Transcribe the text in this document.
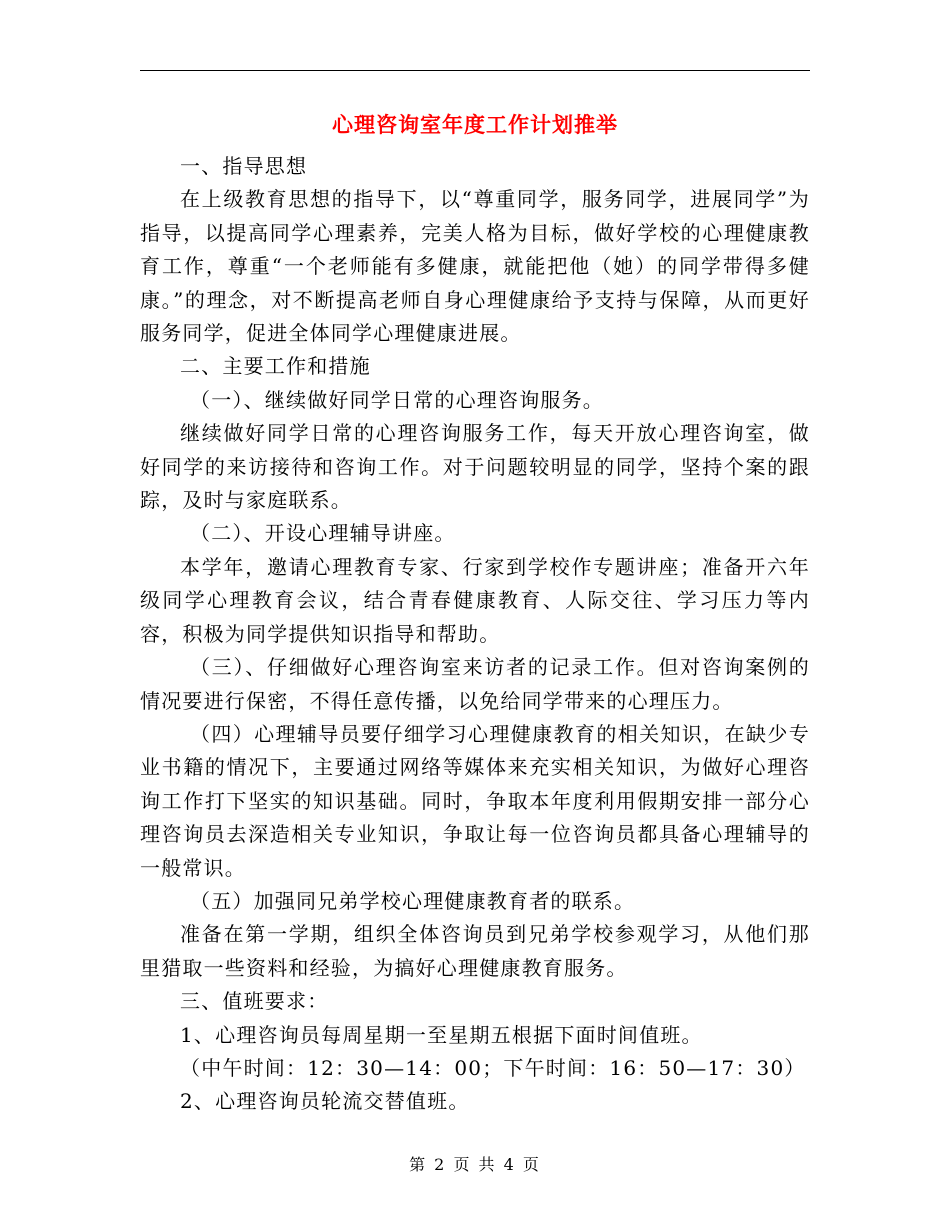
心理咨询室年度工作计划推举

一、指导思想

在上级教育思想的指导下，以“尊重同学，服务同学，进展同学”为指导，以提高同学心理素养，完美人格为目标，做好学校的心理健康教育工作，尊重“一个老师能有多健康，就能把他（她）的同学带得多健康。”的理念，对不断提高老师自身心理健康给予支持与保障，从而更好服务同学，促进全体同学心理健康进展。

二、主要工作和措施

（一）、继续做好同学日常的心理咨询服务。

继续做好同学日常的心理咨询服务工作，每天开放心理咨询室，做好同学的来访接待和咨询工作。对于问题较明显的同学，坚持个案的跟踪，及时与家庭联系。

（二）、开设心理辅导讲座。

本学年，邀请心理教育专家、行家到学校作专题讲座；准备开六年级同学心理教育会议，结合青春健康教育、人际交往、学习压力等内容，积极为同学提供知识指导和帮助。

（三）、仔细做好心理咨询室来访者的记录工作。但对咨询案例的情况要进行保密，不得任意传播，以免给同学带来的心理压力。

（四）心理辅导员要仔细学习心理健康教育的相关知识，在缺少专业书籍的情况下，主要通过网络等媒体来充实相关知识，为做好心理咨询工作打下坚实的知识基础。同时，争取本年度利用假期安排一部分心理咨询员去深造相关专业知识，争取让每一位咨询员都具备心理辅导的一般常识。

（五）加强同兄弟学校心理健康教育者的联系。

准备在第一学期，组织全体咨询员到兄弟学校参观学习，从他们那里猎取一些资料和经验，为搞好心理健康教育服务。

三、值班要求：

1、心理咨询员每周星期一至星期五根据下面时间值班。

（中午时间：12：30—14：00；下午时间：16：50—17：30）

2、心理咨询员轮流交替值班。

第 2 页 共 4 页
